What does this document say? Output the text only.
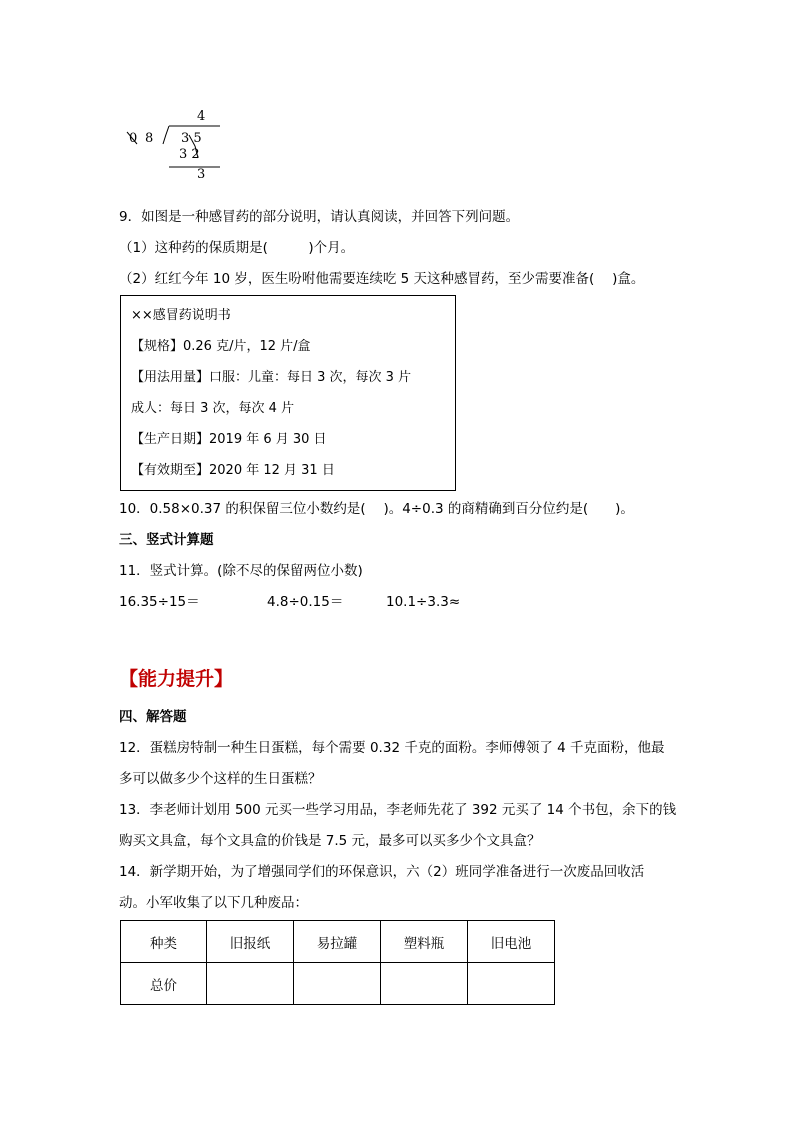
4
0 8 3 5
3 2
3
9．如图是一种感冒药的部分说明，请认真阅读，并回答下列问题。
（1）这种药的保质期是(　　　)个月。
（2）红红今年 10 岁，医生吩咐他需要连续吃 5 天这种感冒药，至少需要准备(　 )盒。
××感冒药说明书
【规格】0.26 克/片，12 片/盒
【用法用量】口服：儿童：每日 3 次，每次 3 片
成人：每日 3 次，每次 4 片
【生产日期】2019 年 6 月 30 日
【有效期至】2020 年 12 月 31 日
10．0.58×0.37 的积保留三位小数约是(　 )。4÷0.3 的商精确到百分位约是(　　)。
三、竖式计算题
11．竖式计算。(除不尽的保留两位小数)
16.35÷15＝	4.8÷0.15＝	10.1÷3.3≈
【能力提升】
四、解答题
12．蛋糕房特制一种生日蛋糕，每个需要 0.32 千克的面粉。李师傅领了 4 千克面粉，他最
多可以做多少个这样的生日蛋糕？
13．李老师计划用 500 元买一些学习用品，李老师先花了 392 元买了 14 个书包，余下的钱
购买文具盒，每个文具盒的价钱是 7.5 元，最多可以买多少个文具盒？
14．新学期开始，为了增强同学们的环保意识，六（2）班同学准备进行一次废品回收活
动。小军收集了以下几种废品：
种类	旧报纸	易拉罐	塑料瓶	旧电池
总价				
